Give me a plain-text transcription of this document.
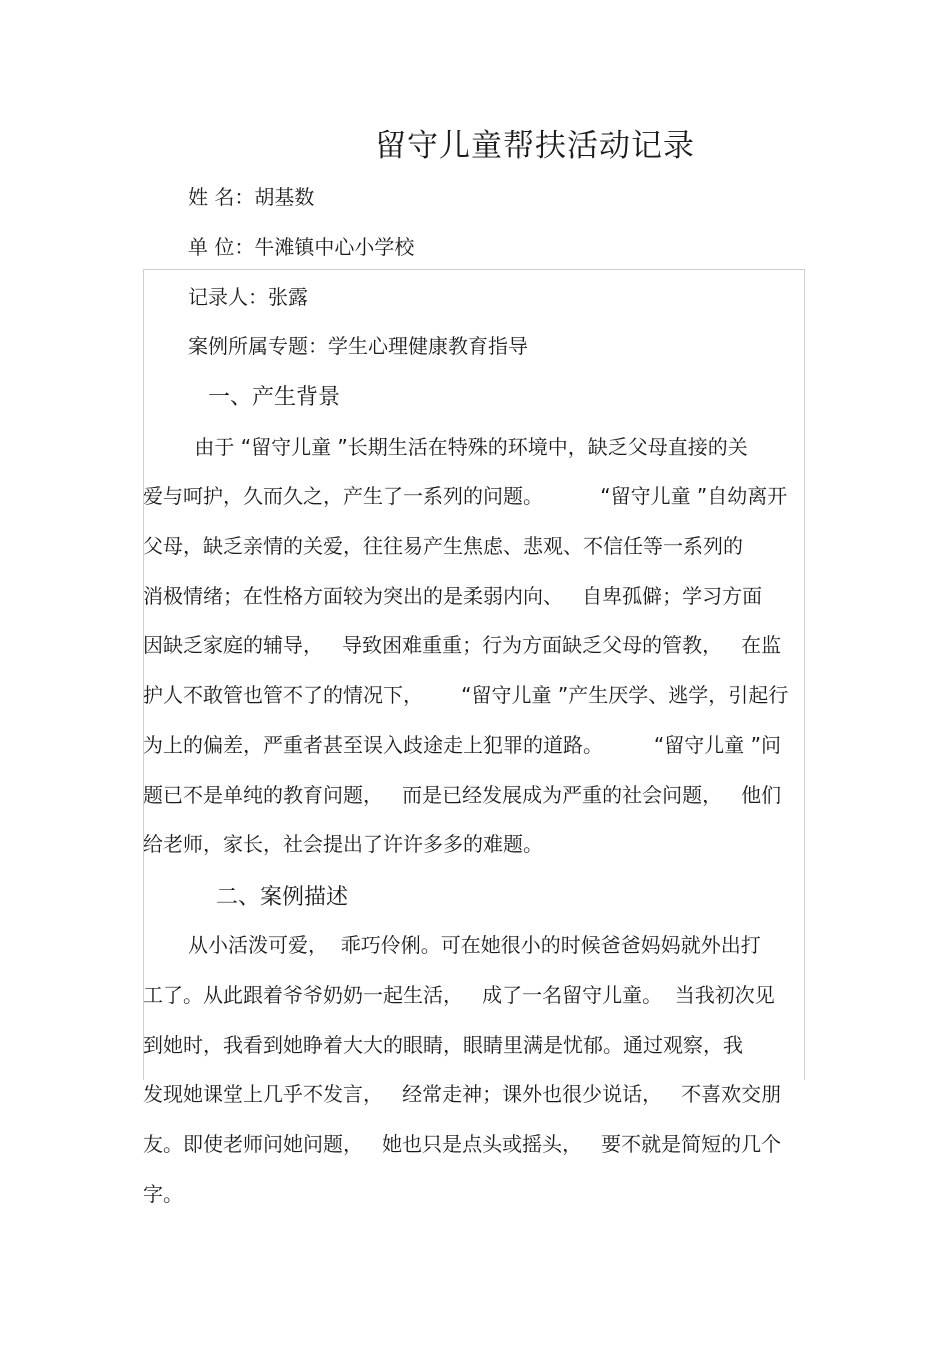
留守儿童帮扶活动记录
姓 名：胡基数
单 位：牛滩镇中心小学校
记录人：张露
案例所属专题：学生心理健康教育指导
一、产生背景
由于 “留守儿童 ”长期生活在特殊的环境中，缺乏父母直接的关
爱与呵护，久而久之，产生了一系列的问题。         “留守儿童 ”自幼离开
父母，缺乏亲情的关爱，往往易产生焦虑、悲观、不信任等一系列的
消极情绪；在性格方面较为突出的是柔弱内向、   自卑孤僻；学习方面
因缺乏家庭的辅导，   导致困难重重；行为方面缺乏父母的管教，   在监
护人不敢管也管不了的情况下，      “留守儿童 ”产生厌学、逃学，引起行
为上的偏差，严重者甚至误入歧途走上犯罪的道路。        “留守儿童 ”问
题已不是单纯的教育问题，   而是已经发展成为严重的社会问题，   他们
给老师，家长，社会提出了许许多多的难题。
二、案例描述
从小活泼可爱，  乖巧伶俐。可在她很小的时候爸爸妈妈就外出打
工了。从此跟着爷爷奶奶一起生活，   成了一名留守儿童。  当我初次见
到她时，我看到她睁着大大的眼睛，眼睛里满是忧郁。通过观察，我
发现她课堂上几乎不发言，   经常走神；课外也很少说话，   不喜欢交朋
友。即使老师问她问题，   她也只是点头或摇头，   要不就是简短的几个
字。
